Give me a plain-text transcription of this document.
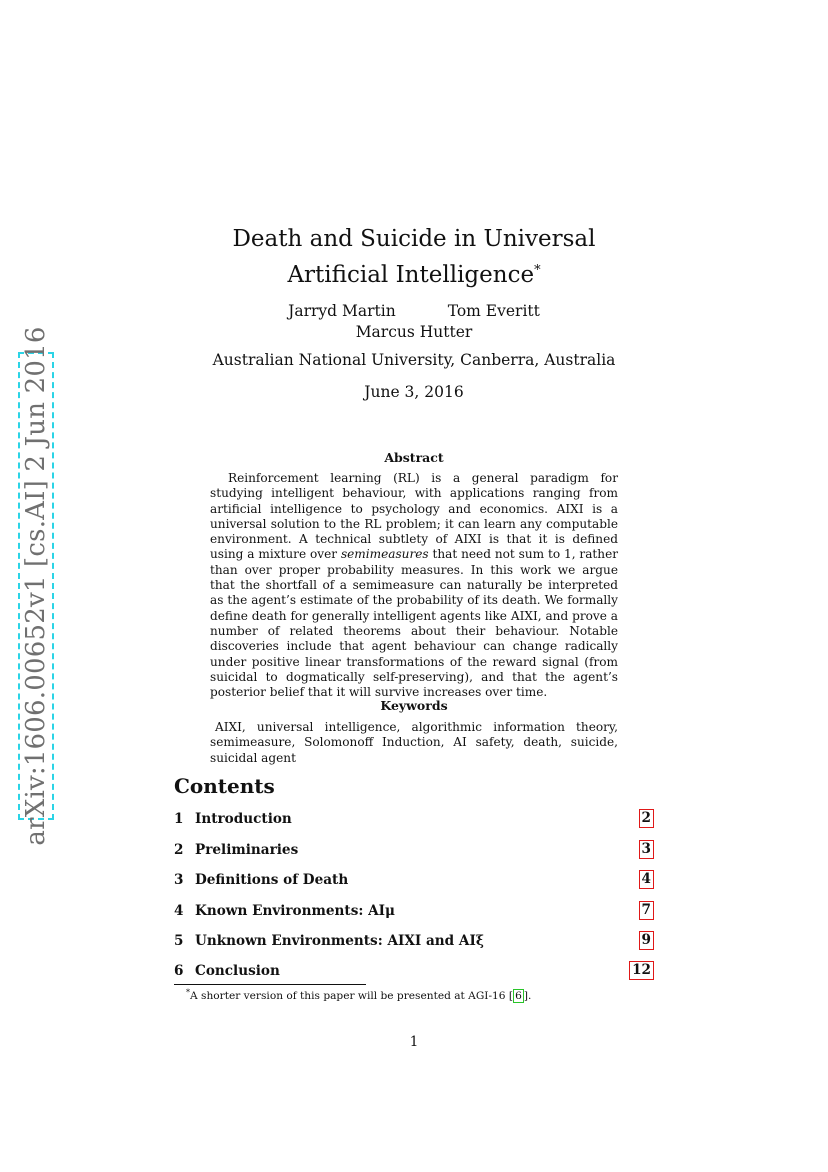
arXiv:1606.00652v1 [cs.AI] 2 Jun 2016
Death and Suicide in Universal Artificial Intelligence*
Jarryd Martin	Tom Everitt
Marcus Hutter
Australian National University, Canberra, Australia
June 3, 2016
Abstract
Reinforcement learning (RL) is a general paradigm for studying intelligent behaviour, with applications ranging from artificial intelligence to psychology and economics. AIXI is a universal solution to the RL problem; it can learn any computable environment. A technical subtlety of AIXI is that it is defined using a mixture over semimeasures that need not sum to 1, rather than over proper probability measures. In this work we argue that the shortfall of a semimeasure can naturally be interpreted as the agent’s estimate of the probability of its death. We formally define death for generally intelligent agents like AIXI, and prove a number of related theorems about their behaviour. Notable discoveries include that agent behaviour can change radically under positive linear transformations of the reward signal (from suicidal to dogmatically self-preserving), and that the agent’s posterior belief that it will survive increases over time.
Keywords
AIXI, universal intelligence, algorithmic information theory, semimeasure, Solomonoff Induction, AI safety, death, suicide, suicidal agent
Contents
1 Introduction	2
2 Preliminaries	3
3 Definitions of Death	4
4 Known Environments: AIμ	7
5 Unknown Environments: AIXI and AIξ	9
6 Conclusion	12
*A shorter version of this paper will be presented at AGI-16 [ 6 ].
1
